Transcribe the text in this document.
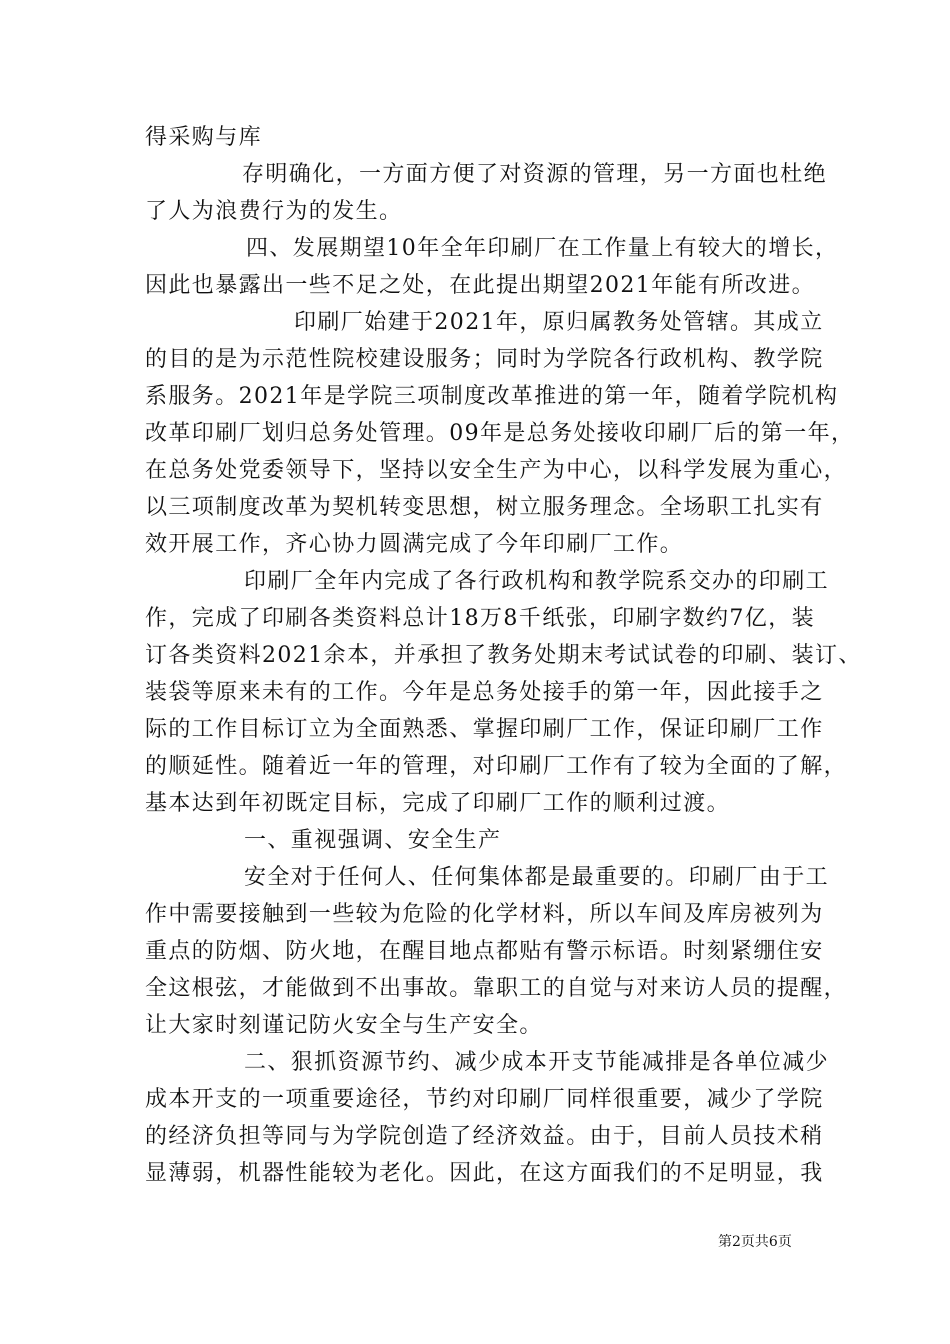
得采购与库
存明确化，一方面方便了对资源的管理，另一方面也杜绝
了人为浪费行为的发生。
四、发展期望10年全年印刷厂在工作量上有较大的增长，
因此也暴露出一些不足之处，在此提出期望2021年能有所改进。
印刷厂始建于2021年，原归属教务处管辖。其成立
的目的是为示范性院校建设服务；同时为学院各行政机构、教学院
系服务。2021年是学院三项制度改革推进的第一年，随着学院机构
改革印刷厂划归总务处管理。09年是总务处接收印刷厂后的第一年，
在总务处党委领导下，坚持以安全生产为中心，以科学发展为重心，
以三项制度改革为契机转变思想，树立服务理念。全场职工扎实有
效开展工作，齐心协力圆满完成了今年印刷厂工作。
印刷厂全年内完成了各行政机构和教学院系交办的印刷工
作，完成了印刷各类资料总计18万8千纸张，印刷字数约7亿，装
订各类资料2021余本，并承担了教务处期末考试试卷的印刷、装订、
装袋等原来未有的工作。今年是总务处接手的第一年，因此接手之
际的工作目标订立为全面熟悉、掌握印刷厂工作，保证印刷厂工作
的顺延性。随着近一年的管理，对印刷厂工作有了较为全面的了解，
基本达到年初既定目标，完成了印刷厂工作的顺利过渡。
一、重视强调、安全生产
安全对于任何人、任何集体都是最重要的。印刷厂由于工
作中需要接触到一些较为危险的化学材料，所以车间及库房被列为
重点的防烟、防火地，在醒目地点都贴有警示标语。时刻紧绷住安
全这根弦，才能做到不出事故。靠职工的自觉与对来访人员的提醒，
让大家时刻谨记防火安全与生产安全。
二、狠抓资源节约、减少成本开支节能减排是各单位减少
成本开支的一项重要途径，节约对印刷厂同样很重要，减少了学院
的经济负担等同与为学院创造了经济效益。由于，目前人员技术稍
显薄弱，机器性能较为老化。因此，在这方面我们的不足明显，我
第2页共6页
